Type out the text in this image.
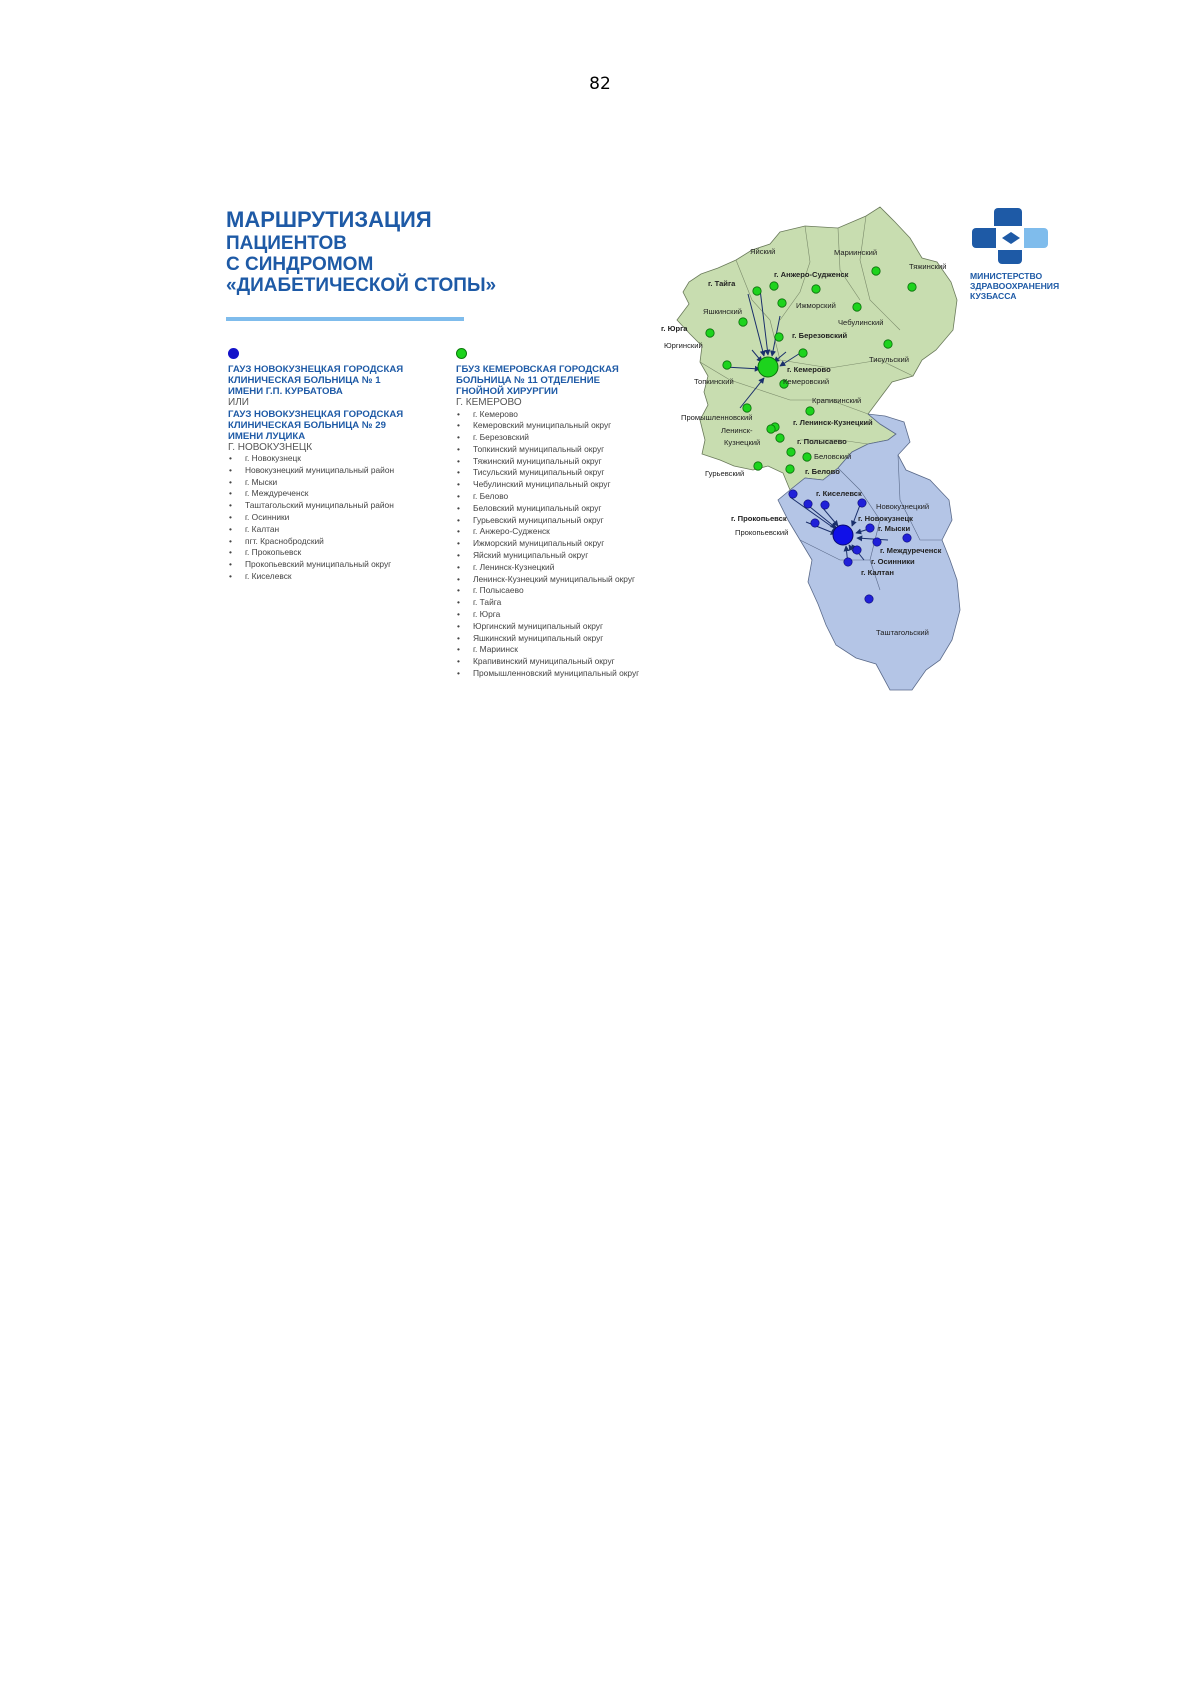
82
МАРШРУТИЗАЦИЯ
ПАЦИЕНТОВ
С СИНДРОМОМ
«ДИАБЕТИЧЕСКОЙ СТОПЫ»
ГАУЗ НОВОКУЗНЕЦКАЯ ГОРОДСКАЯ
КЛИНИЧЕСКАЯ БОЛЬНИЦА № 1
ИМЕНИ Г.П. КУРБАТОВА
ИЛИ
ГАУЗ НОВОКУЗНЕЦКАЯ ГОРОДСКАЯ
КЛИНИЧЕСКАЯ БОЛЬНИЦА № 29
ИМЕНИ ЛУЦИКА
Г. НОВОКУЗНЕЦК
• г. Новокузнецк
• Новокузнецкий муниципальный район
• г. Мыски
• г. Междуреченск
• Таштагольский муниципальный район
• г. Осинники
• г. Калтан
• пгт. Краснобродский
• г. Прокопьевск
• Прокопьевский муниципальный округ
• г. Киселевск
ГБУЗ КЕМЕРОВСКАЯ ГОРОДСКАЯ
БОЛЬНИЦА № 11 ОТДЕЛЕНИЕ
ГНОЙНОЙ ХИРУРГИИ
Г. КЕМЕРОВО
• г. Кемерово
• Кемеровский муниципальный округ
• г. Березовский
• Топкинский муниципальный округ
• Тяжинский муниципальный округ
• Тисульский муниципальный округ
• Чебулинский муниципальный округ
• г. Белово
• Беловский муниципальный округ
• Гурьевский муниципальный округ
• г. Анжеро-Судженск
• Ижморский муниципальный округ
• Яйский муниципальный округ
• г. Ленинск-Кузнецкий
• Ленинск-Кузнецкий муниципальный округ
• г. Полысаево
• г. Тайга
• г. Юрга
• Юргинский муниципальный округ
• Яшкинский муниципальный округ
• г. Мариинск
• Крапивинский муниципальный округ
• Промышленновский муниципальный округ
Яйский	Мариинский
Тяжинский
г. Анжеро-Судженск
г. Тайга
Ижморский
Яшкинский
Чебулинский
г. Юрга
г. Березовский
Юргинский
Тисульский
г. Кемерово
Топкинский	Кемеровский
Крапивинский
Промышленновский
г. Ленинск-Кузнецкий
Ленинск-
Кузнецкий	г. Полысаево
Беловский
Гурьевский	г. Белово
г. Киселевск
Новокузнецкий
г. Прокопьевск	г. Новокузнецк
г. Мыски
Прокопьевский
г. Междуреченск
г. Осинники
г. Калтан
Таштагольский
МИНИСТЕРСТВО
ЗДРАВООХРАНЕНИЯ
КУЗБАССА
